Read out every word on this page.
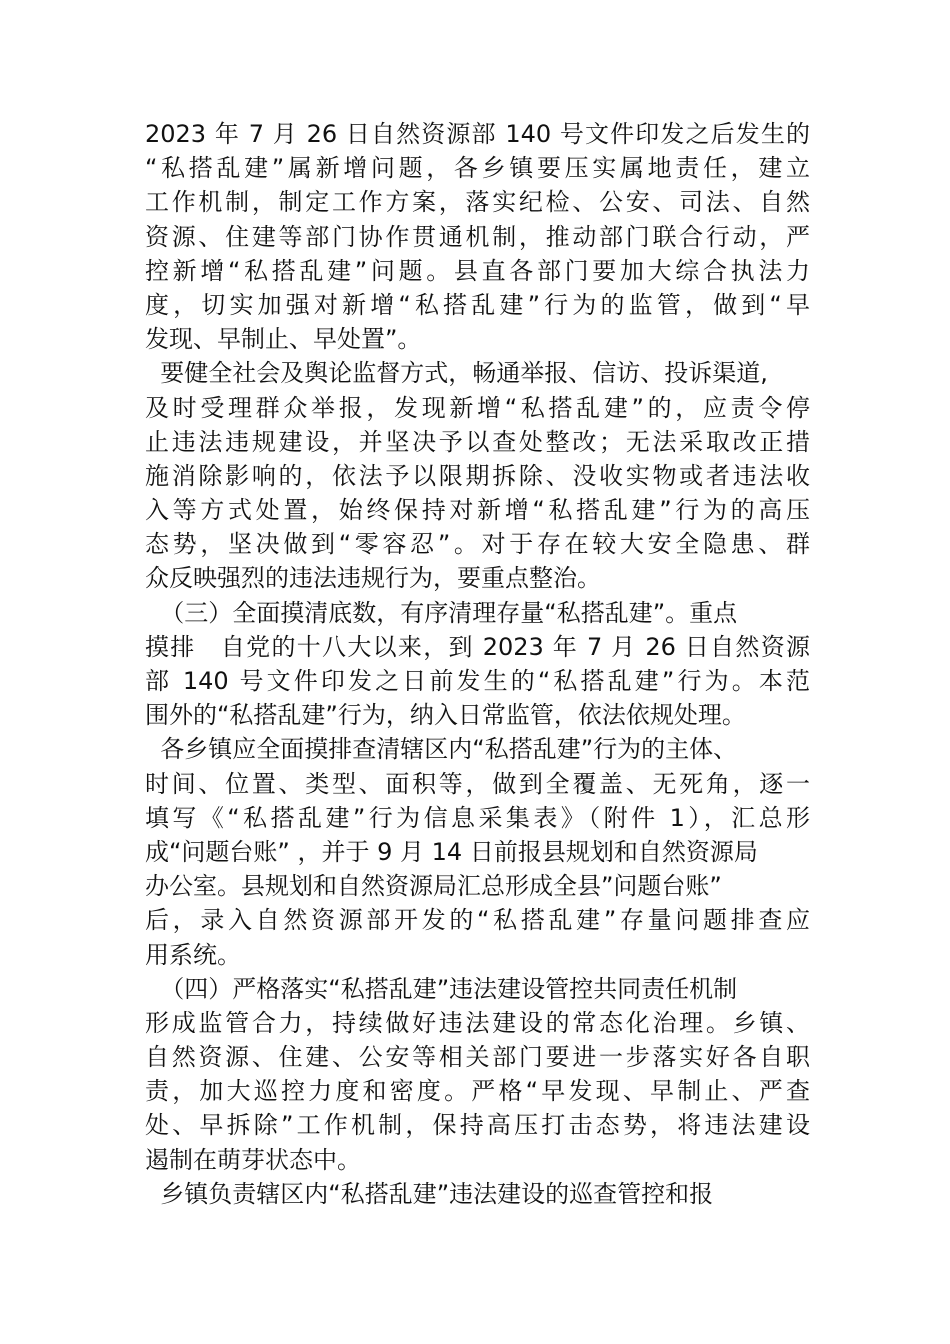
2023 年 7 月 26 日自然资源部 140 号文件印发之后发生的
“私搭乱建”属新增问题，各乡镇要压实属地责任，建立
工作机制，制定工作方案，落实纪检、公安、司法、自然
资源、住建等部门协作贯通机制，推动部门联合行动，严
控新增“私搭乱建”问题。县直各部门要加大综合执法力
度，切实加强对新增“私搭乱建”行为的监管，做到“早
发现、早制止、早处置”。
要健全社会及舆论监督方式，畅通举报、信访、投诉渠道,
及时受理群众举报，发现新增“私搭乱建”的，应责令停
止违法违规建设，并坚决予以查处整改；无法采取改正措
施消除影响的，依法予以限期拆除、没收实物或者违法收
入等方式处置，始终保持对新增“私搭乱建”行为的高压
态势，坚决做到“零容忍”。对于存在较大安全隐患、群
众反映强烈的违法违规行为，要重点整治。
（三）全面摸清底数，有序清理存量“私搭乱建”。重点
摸排　自党的十八大以来，到 2023 年 7 月 26 日自然资源
部 140 号文件印发之日前发生的“私搭乱建”行为。本范
围外的“私搭乱建”行为，纳入日常监管，依法依规处理。
各乡镇应全面摸排查清辖区内“私搭乱建”行为的主体、
时间、位置、类型、面积等，做到全覆盖、无死角，逐一
填写《“私搭乱建”行为信息采集表》（附件 1），汇总形
成“问题台账” ，并于 9 月 14 日前报县规划和自然资源局
办公室。县规划和自然资源局汇总形成全县”问题台账”
后，录入自然资源部开发的“私搭乱建”存量问题排查应
用系统。
（四）严格落实“私搭乱建”违法建设管控共同责任机制
形成监管合力，持续做好违法建设的常态化治理。乡镇、
自然资源、住建、公安等相关部门要进一步落实好各自职
责，加大巡控力度和密度。严格“早发现、早制止、严查
处、早拆除”工作机制，保持高压打击态势，将违法建设
遏制在萌芽状态中。
乡镇负责辖区内“私搭乱建”违法建设的巡查管控和报
